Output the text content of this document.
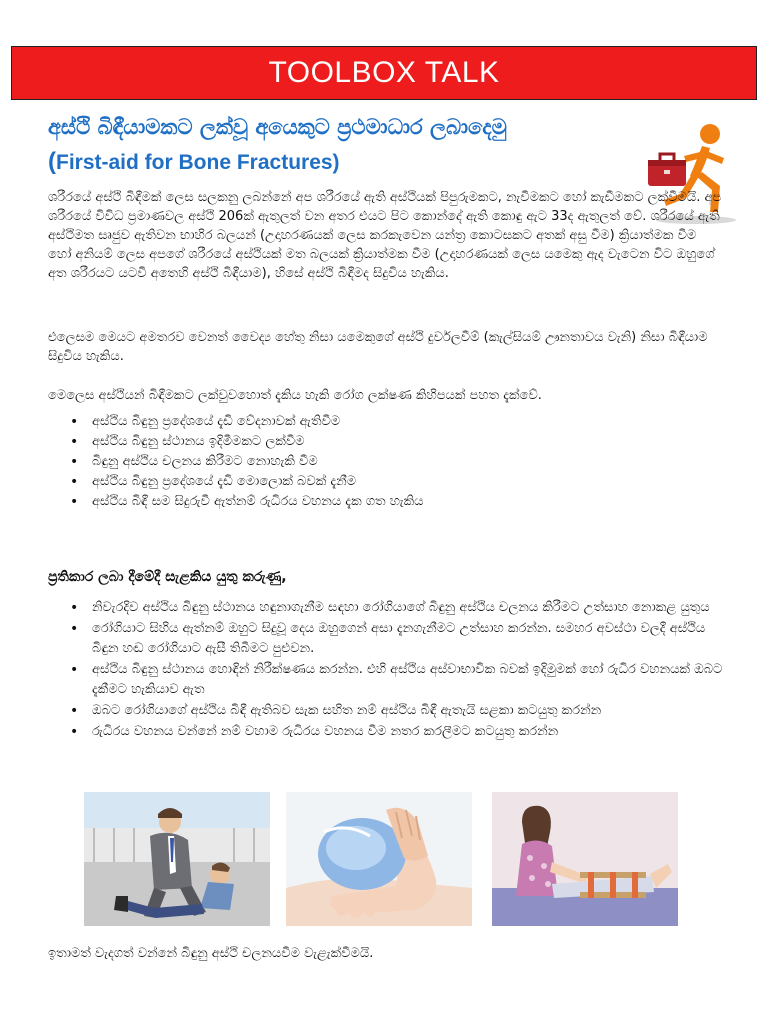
TOOLBOX TALK
අස්ථි බිඳීයාමකට ලක්වූ අයෙකුට ප්‍රථමාධාර ලබාදෙමු
(First-aid for Bone Fractures)
ශරීරයේ අස්ථි බිඳීමක් ලෙස සලකනු ලබන්නේ අප ශරීරයේ ඇති අස්ථියක් පිපුරුමකට, නැවීමකට හෝ කැඩීමකට ලක්වීමයි. අප ශරීරයේ විවිධ ප්‍රමාණවල අස්ථි 206ක් ඇතුලත් වන අතර එයට පිට කොන්දේ ඇති කොඳු ඇට 33ද ඇතුලත් වේ. ශරීරයේ ඇති අස්ථිමත සෘජුව ඇතිවන භාහිර බලයන් (උදාහරණයක් ලෙස කරකැවෙන යන්ත්‍ර කොටසකට අතක් අසු වීම) ක්‍රියාත්මක වීම හෝ අනියම් ලෙස අපගේ ශරීරයේ අස්ථියක් මත බලයක් ක්‍රියාත්මක වීම (උදාහරණයක් ලෙස යමෙකු ඇද වැටෙන විට ඔහුගේ අත ශරීරයට යටවී අතෙහි අස්ථි බිඳීයාම), හිසේ අස්ථි බිඳීමද සිදුවිය හැකිය.
එලෙසම මෙයට අමතරව වෙනත් වෛද්‍ය හේතු නිසා යමෙකුගේ අස්ථි දුර්වලවීම් (කැල්සියම් ඌනතාවය වැනි) නිසා බිඳීයාම සිදුවිය හැකිය.
මෙලෙස අස්ථියන් බිඳීමකට ලක්වුවහොත් දැකිය හැකි රෝග ලක්ෂණ කිහිපයක් පහත දැක්වේ.
• අස්ථිය බිඳුනු ප්‍රදේශයේ දැඩි වේදනාවක් ඇතිවීම
• අස්ථිය බිඳුනු ස්ථානය ඉදිමීමකට ලක්වීම
• බිඳුනු අස්ථිය චලනය කිරීමට නොහැකි වීම
• අස්ථිය බිඳුනු ප්‍රදේශයේ දැඩි මොලොක් බවක් දැනීම
• අස්ථිය බිඳී සම සිදුරුවී ඇත්නම් රුධිරය වහනය දැක ගත හැකිය
ප්‍රතිකාර ලබා දීමේදී සැළකිය යුතු කරුණු,
• නිවැරදිව අස්ථිය බිඳුනු ස්ථානය හඳුනාගැනීම සඳහා රෝගියාගේ බිඳුනු අස්ථිය චලනය කිරීමට උත්සාහ නොකළ යුතුය
• රෝගියාට සිහිය ඇත්නම් ඔහුට සිදුවූ දෙය ඔහුගෙන් අසා දැනගැනීමට උත්සාහ කරන්න. සමහර අවස්ථා වලදී අස්ථිය බිඳුන හඬ රෝගියාට ඇසී තිබීමට පුළුවන.
• අස්ථිය බිඳුනු ස්ථානය හොඳින් නිරීක්ෂණය කරන්න. එහි අස්ථිය අස්වාභාවික බවක් ඉදිමුමක් හෝ රුධිර වහනයක් ඔබට දැකීමට හැකියාව ඇත
• ඔබට රෝගියාගේ අස්ථිය බිඳී ඇතිබව සැක සහිත නම් අස්ථිය බිඳී ඇතැයි සළකා කටයුතු කරන්න
• රුධිරය වහනය වන්නේ නම් වහාම රුධිරය වහනය වීම නතර කරලීමට කටයුතු කරන්න
ඉතාමත් වැදගත් වන්නේ බිඳුනු අස්ථි චලනයවීම වැළැක්වීමයි.
